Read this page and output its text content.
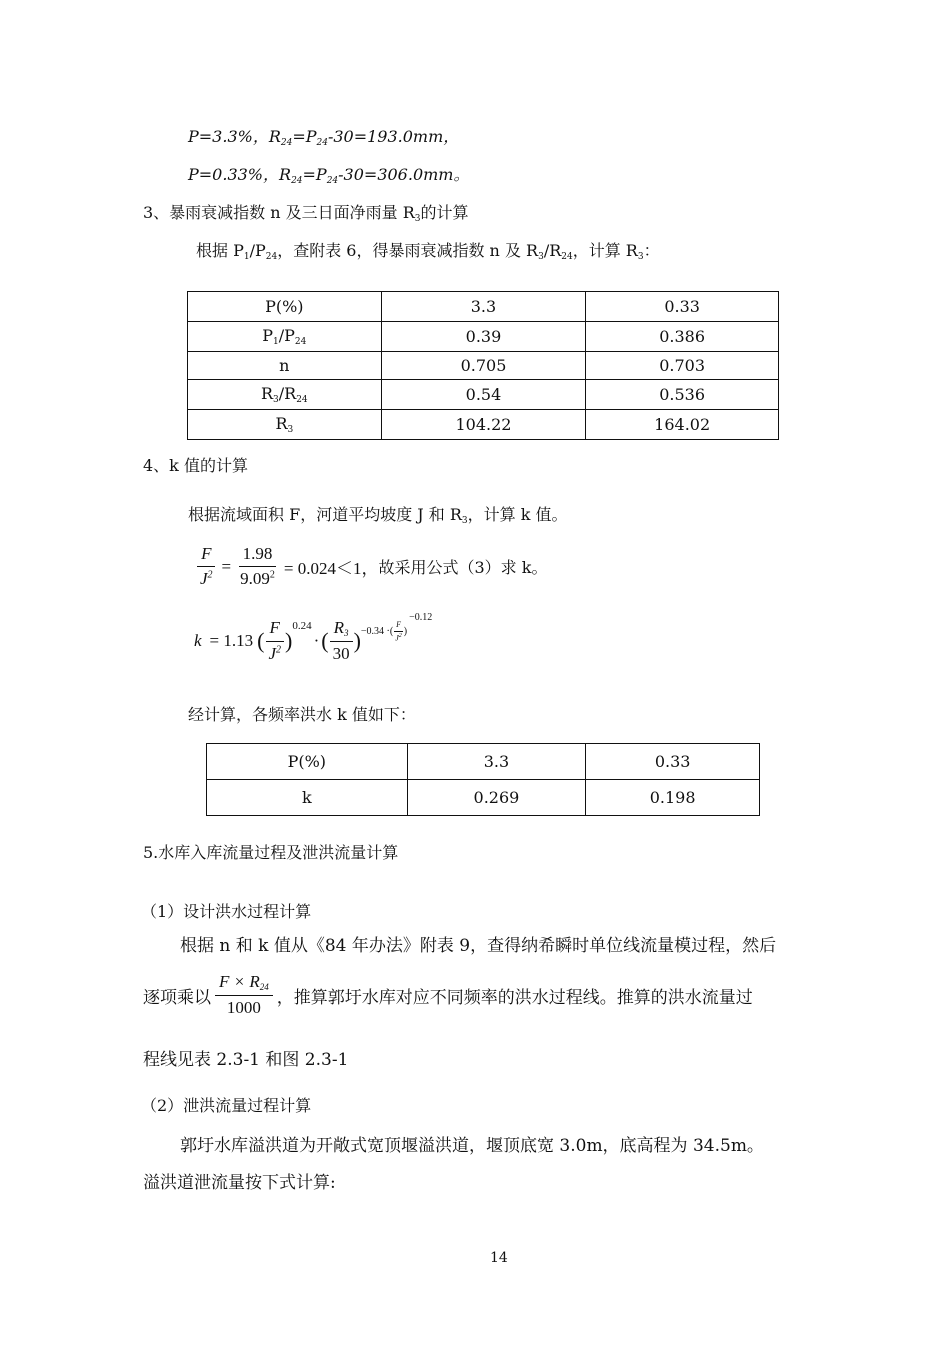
P=3.3%，$R_{24}=P_{24}-30=193.0mm$，
P=0.33%，$R_{24}=P_{24}-30=306.0mm$。
3、暴雨衰减指数 n 及三日面净雨量 $R_3$的计算
根据 $P_1/P_{24}$，查附表 6，得暴雨衰减指数 n 及 $R_3/R_{24}$，计算 $R_3$：
P(%)	3.3	0.33
$P_1/P_{24}$	0.39	0.386
n	0.705	0.703
$R_3/R_{24}$	0.54	0.536
$R_3$	104.22	164.02
4、k 值的计算
根据流域面积 F，河道平均坡度 J 和 $R_3$，计算 k 值。
$\frac{F}{J^2} = \frac{1.98}{9.09^2} = 0.024<1$， 故采用公式（3）求 k。
k = 1.13 ( $\frac{F}{J^2}$ )
0.24
· ( $\frac{R_3}{30}$ ) −0.34 ·( $\frac{F}{J^2}$ )
−0.12
经计算，各频率洪水 k 值如下：
P(%)	3.3	0.33
k	0.269	0.198
5.水库入库流量过程及泄洪流量计算
（1）设计洪水过程计算
根据 n 和 k 值从《84 年办法》附表 9，查得纳希瞬时单位线流量模过程，然后
逐项乘以 $\frac{F \times R_{24}}{1000}$ ，推算郭圩水库对应不同频率的洪水过程线。推算的洪水流量过
程线见表 2.3-1 和图 2.3-1
（2）泄洪流量过程计算
郭圩水库溢洪道为开敞式宽顶堰溢洪道，堰顶底宽 3.0m，底高程为 34.5m。
溢洪道泄流量按下式计算:
14
